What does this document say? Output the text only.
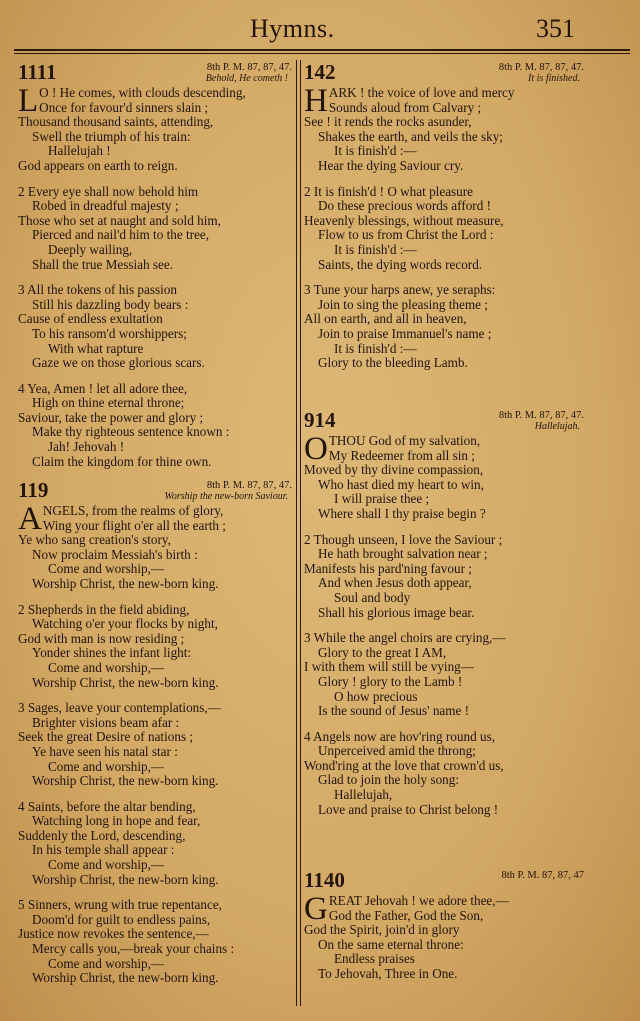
Hymns.	351
1111	8th P. M. 87, 87, 47.
Behold, He cometh !
L O ! He comes, with clouds descending,
Once for favour'd sinners slain ;
Thousand thousand saints, attending,
Swell the triumph of his train:
Hallelujah !
God appears on earth to reign.
2 Every eye shall now behold him
Robed in dreadful majesty ;
Those who set at naught and sold him,
Pierced and nail'd him to the tree,
Deeply wailing,
Shall the true Messiah see.
3 All the tokens of his passion
Still his dazzling body bears :
Cause of endless exultation
To his ransom'd worshippers;
With what rapture
Gaze we on those glorious scars.
4 Yea, Amen ! let all adore thee,
High on thine eternal throne;
Saviour, take the power and glory ;
Make thy righteous sentence known :
Jah! Jehovah !
Claim the kingdom for thine own.
119	8th P. M. 87, 87, 47.
Worship the new-born Saviour.
ANGELS, from the realms of glory,
Wing your flight o'er all the earth ;
Ye who sang creation's story,
Now proclaim Messiah's birth :
Come and worship,—
Worship Christ, the new-born king.
2 Shepherds in the field abiding,
Watching o'er your flocks by night,
God with man is now residing ;
Yonder shines the infant light:
Come and worship,—
Worship Christ, the new-born king.
3 Sages, leave your contemplations,—
Brighter visions beam afar :
Seek the great Desire of nations ;
Ye have seen his natal star :
Come and worship,—
Worship Christ, the new-born king.
4 Saints, before the altar bending,
Watching long in hope and fear,
Suddenly the Lord, descending,
In his temple shall appear :
Come and worship,—
Worship Christ, the new-born king.
5 Sinners, wrung with true repentance,
Doom'd for guilt to endless pains,
Justice now revokes the sentence,—
Mercy calls you,—break your chains :
Come and worship,—
Worship Christ, the new-born king.
142	8th P. M. 87, 87, 47.
It is finished.
HARK ! the voice of love and mercy
Sounds aloud from Calvary ;
See ! it rends the rocks asunder,
Shakes the earth, and veils the sky;
It is finish'd :—
Hear the dying Saviour cry.
2 It is finish'd ! O what pleasure
Do these precious words afford !
Heavenly blessings, without measure,
Flow to us from Christ the Lord :
It is finish'd :—
Saints, the dying words record.
3 Tune your harps anew, ye seraphs:
Join to sing the pleasing theme ;
All on earth, and all in heaven,
Join to praise Immanuel's name ;
It is finish'd :—
Glory to the bleeding Lamb.
914	8th P. M. 87, 87, 47.
Hallelujah.
OTHOU God of my salvation,
My Redeemer from all sin ;
Moved by thy divine compassion,
Who hast died my heart to win,
I will praise thee ;
Where shall I thy praise begin ?
2 Though unseen, I love the Saviour ;
He hath brought salvation near ;
Manifests his pard'ning favour ;
And when Jesus doth appear,
Soul and body
Shall his glorious image bear.
3 While the angel choirs are crying,—
Glory to the great I AM,
I with them will still be vying—
Glory ! glory to the Lamb !
O how precious
Is the sound of Jesus' name !
4 Angels now are hov'ring round us,
Unperceived amid the throng;
Wond'ring at the love that crown'd us,
Glad to join the holy song:
Hallelujah,
Love and praise to Christ belong !
1140	8th P. M. 87, 87, 47
GREAT Jehovah ! we adore thee,—
God the Father, God the Son,
God the Spirit, join'd in glory
On the same eternal throne:
Endless praises
To Jehovah, Three in One.
